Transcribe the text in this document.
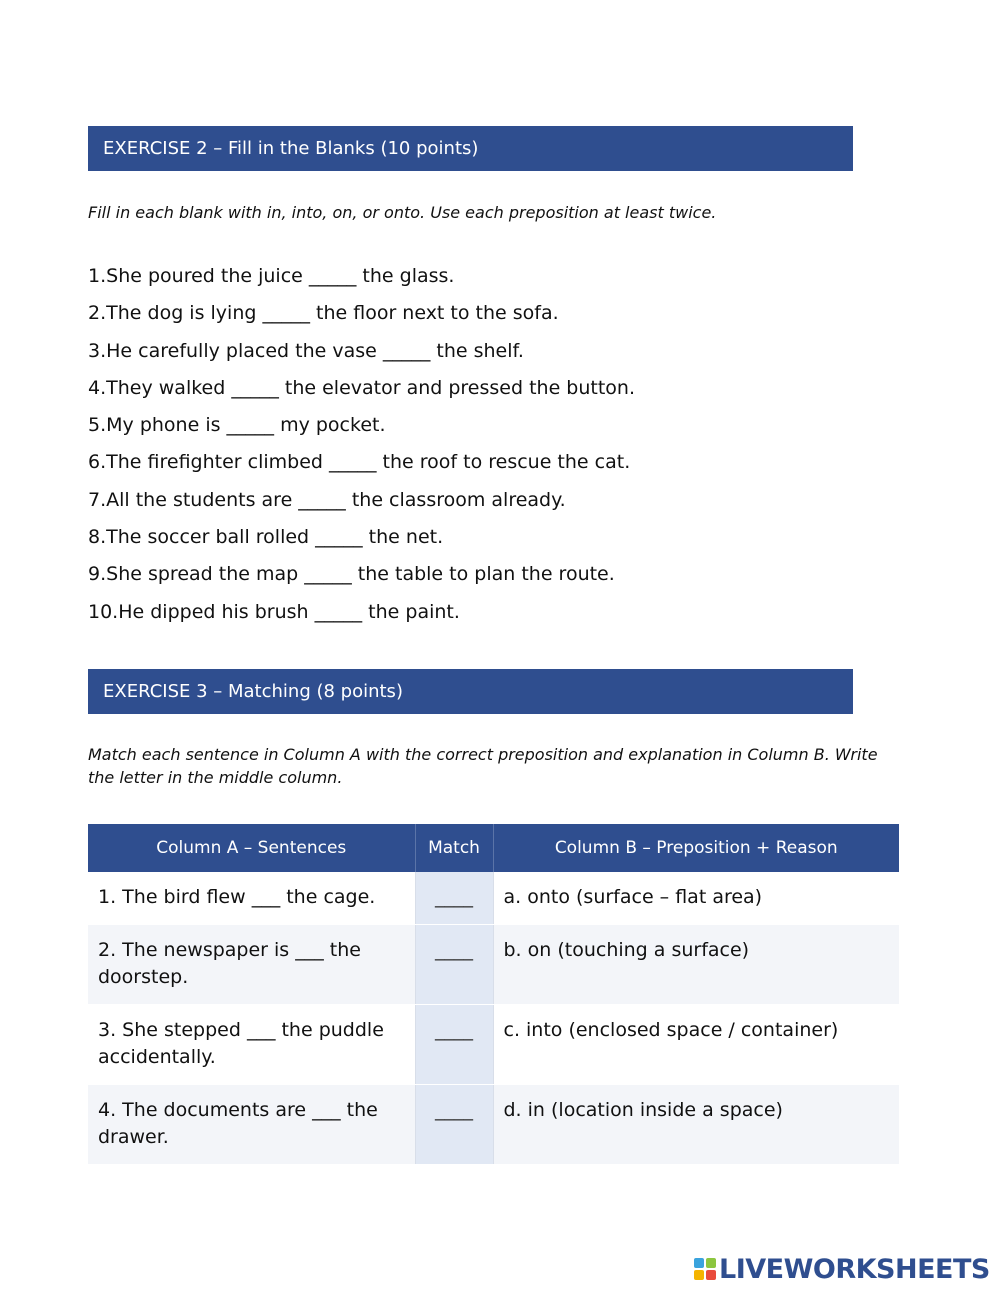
EXERCISE 2 – Fill in the Blanks (10 points)
Fill in each blank with in, into, on, or onto. Use each preposition at least twice.
1.She poured the juice _____ the glass.
2.The dog is lying _____ the floor next to the sofa.
3.He carefully placed the vase _____ the shelf.
4.They walked _____ the elevator and pressed the button.
5.My phone is _____ my pocket.
6.The firefighter climbed _____ the roof to rescue the cat.
7.All the students are _____ the classroom already.
8.The soccer ball rolled _____ the net.
9.She spread the map _____ the table to plan the route.
10.He dipped his brush _____ the paint.
EXERCISE 3 – Matching (8 points)
Match each sentence in Column A with the correct preposition and explanation in Column B. Write the letter in the middle column.
Column A – Sentences	Match	Column B – Preposition + Reason
1. The bird flew ___ the cage.	____	a. onto (surface – flat area)
2. The newspaper is ___ the doorstep.	____	b. on (touching a surface)
3. She stepped ___ the puddle accidentally.	____	c. into (enclosed space / container)
4. The documents are ___ the drawer.	____	d. in (location inside a space)
LIVEWORKSHEETS
